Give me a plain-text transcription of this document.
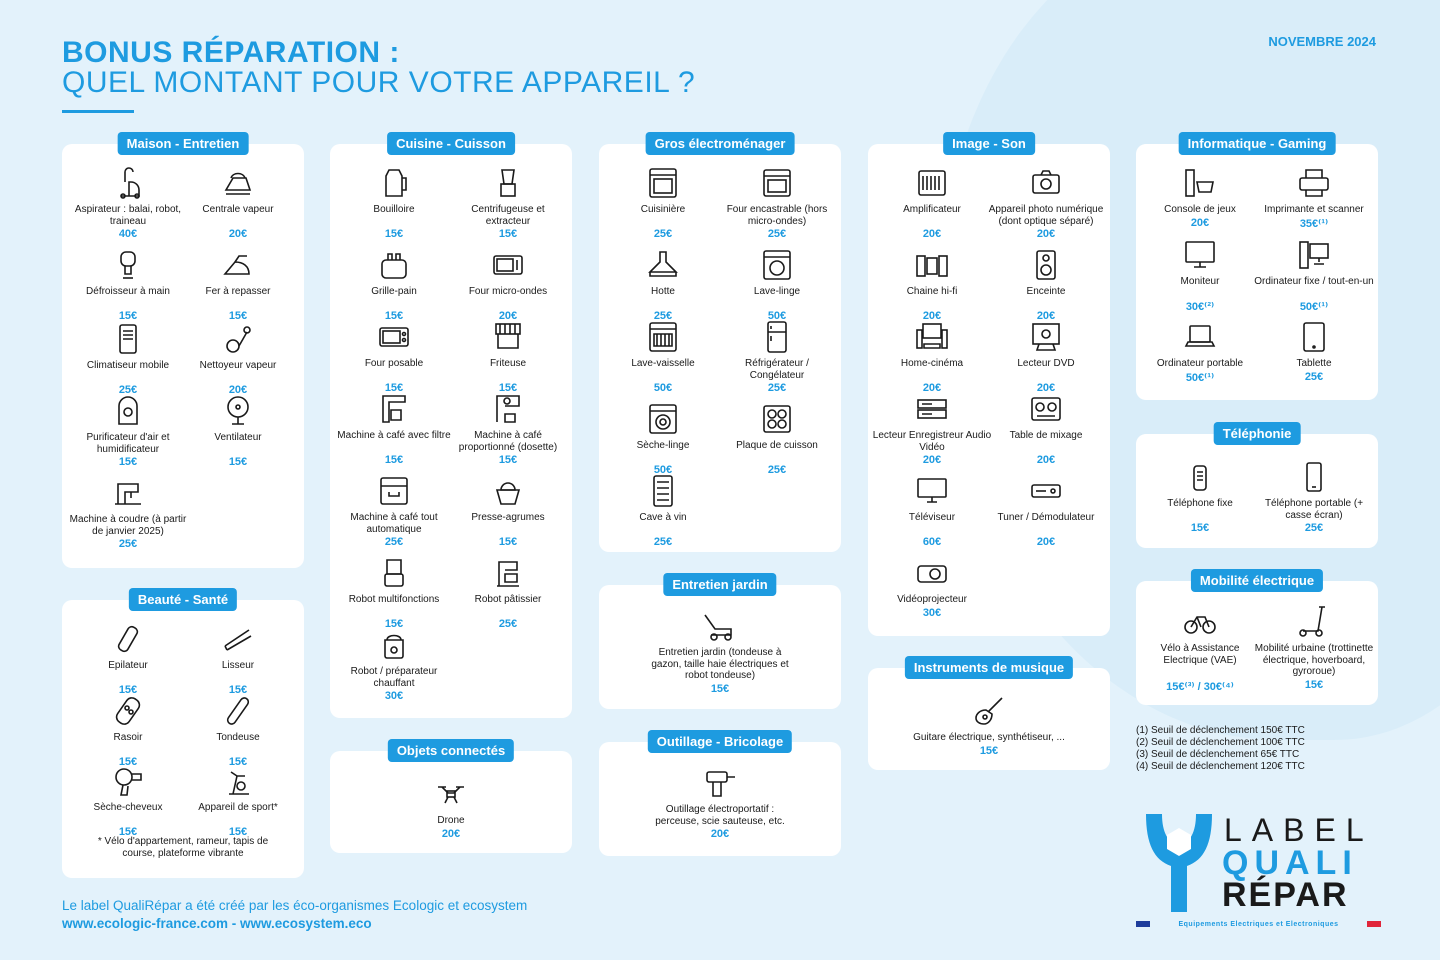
BONUS RÉPARATION :
QUEL MONTANT POUR VOTRE APPAREIL ?
NOVEMBRE 2024
Maison - Entretien
Aspirateur : balai, robot, traineau
40€
Centrale vapeur
20€
Défroisseur à main
15€
Fer à repasser
15€
Climatiseur mobile
25€
Nettoyeur vapeur
20€
Purificateur d'air et humidificateur
15€
Ventilateur
15€
Machine à coudre (à partir de janvier 2025)
25€
Beauté - Santé
Epilateur
15€
Lisseur
15€
Rasoir
15€
Tondeuse
15€
Sèche-cheveux
15€
Appareil de sport*
15€
* Vélo d'appartement, rameur, tapis de course, plateforme vibrante
Cuisine - Cuisson
Bouilloire
15€
Centrifugeuse et extracteur
15€
Grille-pain
15€
Four micro-ondes
20€
Four posable
15€
Friteuse
15€
Machine à café avec filtre
15€
Machine à café proportionné (dosette)
15€
Machine à café tout automatique
25€
Presse-agrumes
15€
Robot multifonctions
15€
Robot pâtissier
25€
Robot / préparateur chauffant
30€
Objets connectés
Drone
20€
Gros électroménager
Cuisinière
25€
Four encastrable (hors micro-ondes)
25€
Hotte
25€
Lave-linge
50€
Lave-vaisselle
50€
Réfrigérateur / Congélateur
25€
Sèche-linge
50€
Plaque de cuisson
25€
Cave à vin
25€
Entretien jardin
Entretien jardin (tondeuse à gazon, taille haie électriques et robot tondeuse)
15€
Outillage - Bricolage
Outillage électroportatif : perceuse, scie sauteuse, etc.
20€
Image - Son
Amplificateur
20€
Appareil photo numérique (dont optique séparé)
20€
Chaine hi-fi
20€
Enceinte
20€
Home-cinéma
20€
Lecteur DVD
20€
Lecteur Enregistreur Audio Vidéo
20€
Table de mixage
20€
Téléviseur
60€
Tuner / Démodulateur
20€
Vidéoprojecteur
30€
Instruments de musique
Guitare électrique, synthétiseur, ...
15€
Informatique - Gaming
Console de jeux
20€
Imprimante et scanner
35€⁽¹⁾
Moniteur
30€⁽²⁾
Ordinateur fixe / tout-en-un
50€⁽¹⁾
Ordinateur portable
50€⁽¹⁾
Tablette
25€
Téléphonie
Téléphone fixe
15€
Téléphone portable (+ casse écran)
25€
Mobilité électrique
Vélo à Assistance Electrique (VAE)
15€⁽³⁾ / 30€⁽⁴⁾
Mobilité urbaine (trottinette électrique, hoverboard, gyroroue)
15€
(1) Seuil de déclenchement 150€ TTC
(2) Seuil de déclenchement 100€ TTC
(3) Seuil de déclenchement 65€ TTC
(4) Seuil de déclenchement 120€ TTC
Le label QualiRépar a été créé par les éco-organismes Ecologic et ecosystem
www.ecologic-france.com - www.ecosystem.eco
LABEL
QUALI
RÉPAR
Equipements Electriques et Electroniques
